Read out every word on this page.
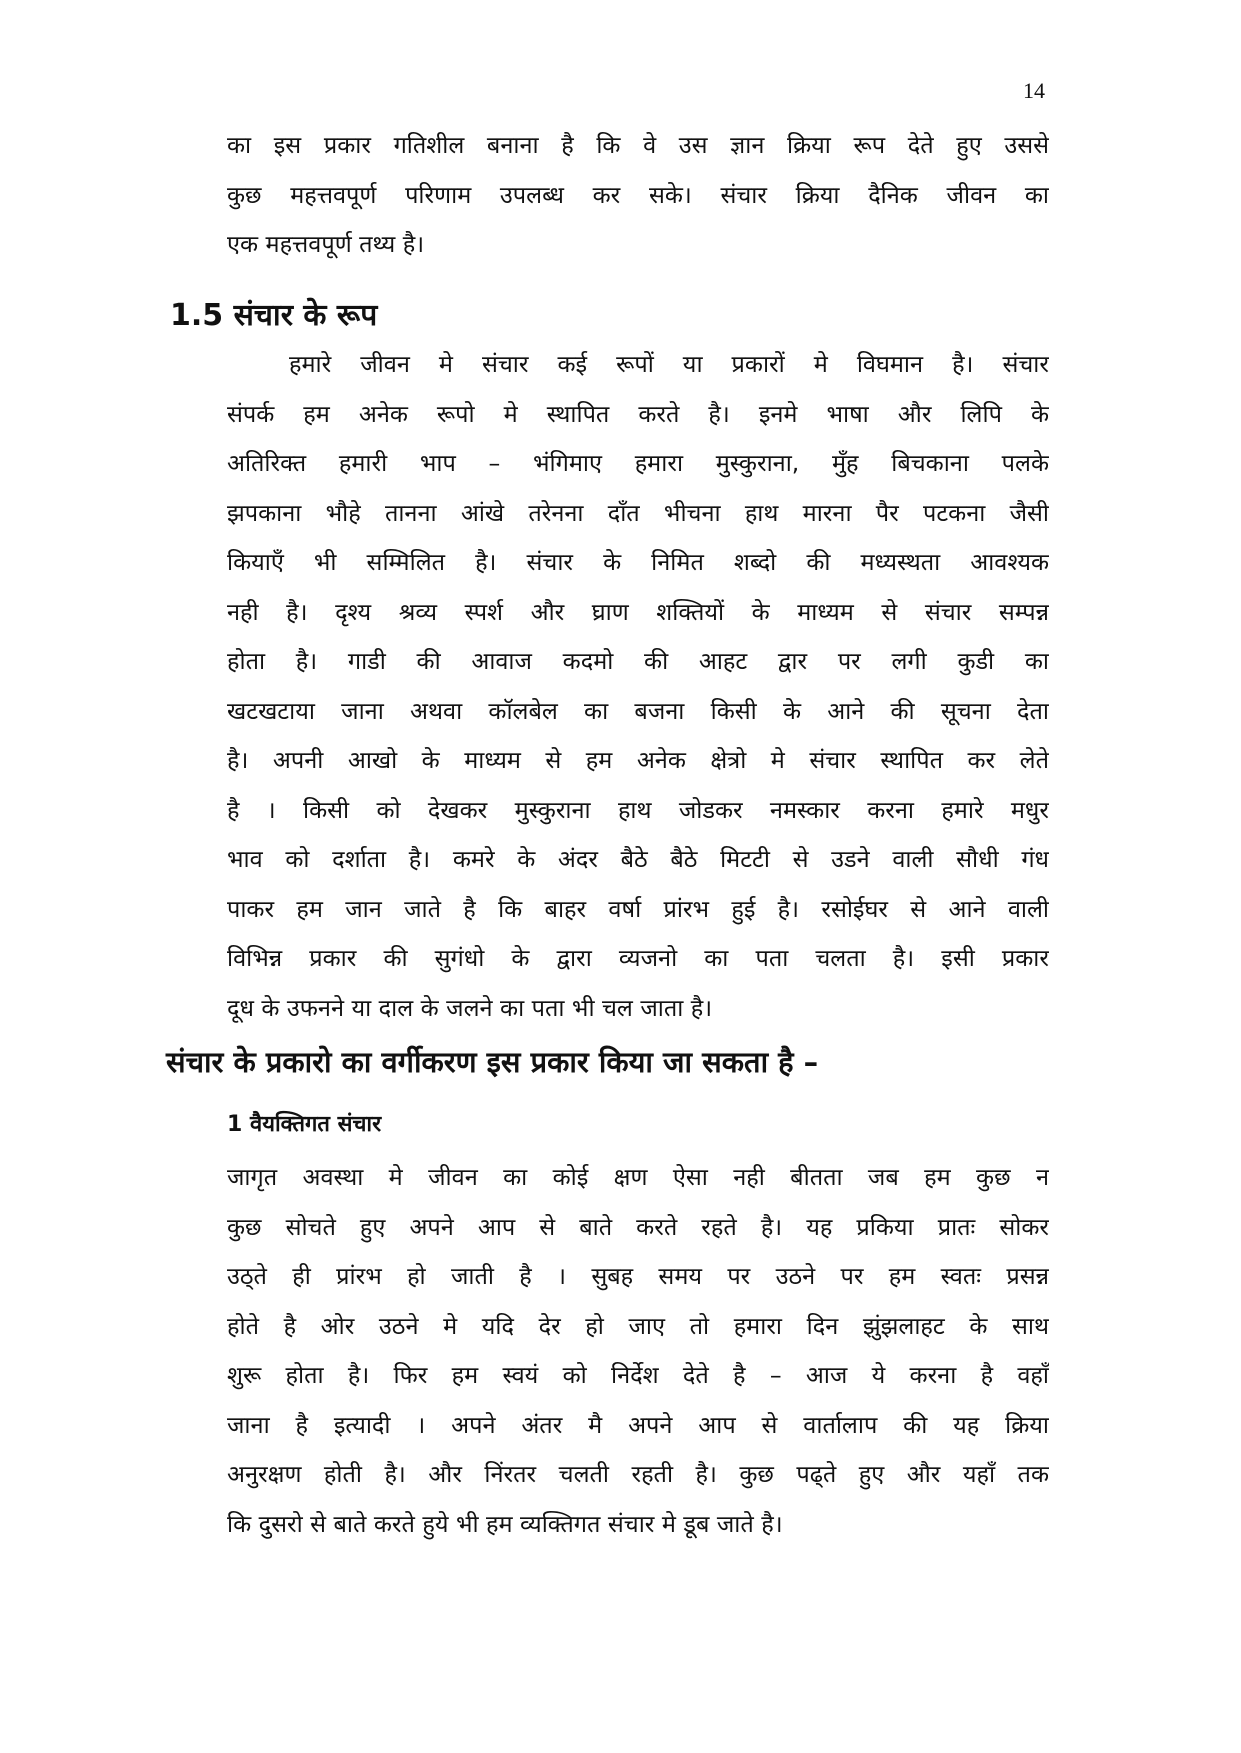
14
का इस प्रकार गतिशील बनाना है कि वे उस ज्ञान क्रिया रूप देते हुए उससे
कुछ महत्तवपूर्ण परिणाम उपलब्ध कर सके। संचार क्रिया दैनिक जीवन का
एक महत्तवपूर्ण तथ्य है।
1.5 संचार के रूप
हमारे जीवन मे संचार कई रूपों या प्रकारों मे विघमान है। संचार
संपर्क हम अनेक रूपो मे स्थापित करते है। इनमे भाषा और लिपि के
अतिरिक्त हमारी भाप – भंगिमाए हमारा मुस्कुराना, मुँह बिचकाना पलके
झपकाना भौहे तानना आंखे तरेनना दाँत भीचना हाथ मारना पैर पटकना जैसी
कियाएँ भी सम्मिलित है। संचार के निमित शब्दो की मध्यस्थता आवश्यक
नही है। दृश्य श्रव्य स्पर्श और घ्राण शक्तियों के माध्यम से संचार सम्पन्न
होता है। गाडी की आवाज कदमो की आहट द्वार पर लगी कुडी का
खटखटाया जाना अथवा कॉलबेल का बजना किसी के आने की सूचना देता
है। अपनी आखो के माध्यम से हम अनेक क्षेत्रो मे संचार स्थापित कर लेते
है । किसी को देखकर मुस्कुराना हाथ जोडकर नमस्कार करना हमारे मधुर
भाव को दर्शाता है। कमरे के अंदर बैठे बैठे मिटटी से उडने वाली सौधी गंध
पाकर हम जान जाते है कि बाहर वर्षा प्रांरभ हुई है। रसोईघर से आने वाली
विभिन्न प्रकार की सुगंधो के द्वारा व्यजनो का पता चलता है। इसी प्रकार
दूध के उफनने या दाल के जलने का पता भी चल जाता है।
संचार के प्रकारो का वर्गीकरण इस प्रकार किया जा सकता है –
1 वैयक्तिगत संचार
जागृत अवस्था मे जीवन का कोई क्षण ऐसा नही बीतता जब हम कुछ न
कुछ सोचते हुए अपने आप से बाते करते रहते है। यह प्रकिया प्रातः सोकर
उठ्ते ही प्रांरभ हो जाती है । सुबह समय पर उठने पर हम स्वतः प्रसन्न
होते है ओर उठने मे यदि देर हो जाए तो हमारा दिन झुंझलाहट के साथ
शुरू होता है। फिर हम स्वयं को निर्देश देते है – आज ये करना है वहाँ
जाना है इत्यादी । अपने अंतर मै अपने आप से वार्तालाप की यह क्रिया
अनुरक्षण होती है। और निंरतर चलती रहती है। कुछ पढ्ते हुए और यहाँ तक
कि दुसरो से बाते करते हुये भी हम व्यक्तिगत संचार मे डूब जाते है।
